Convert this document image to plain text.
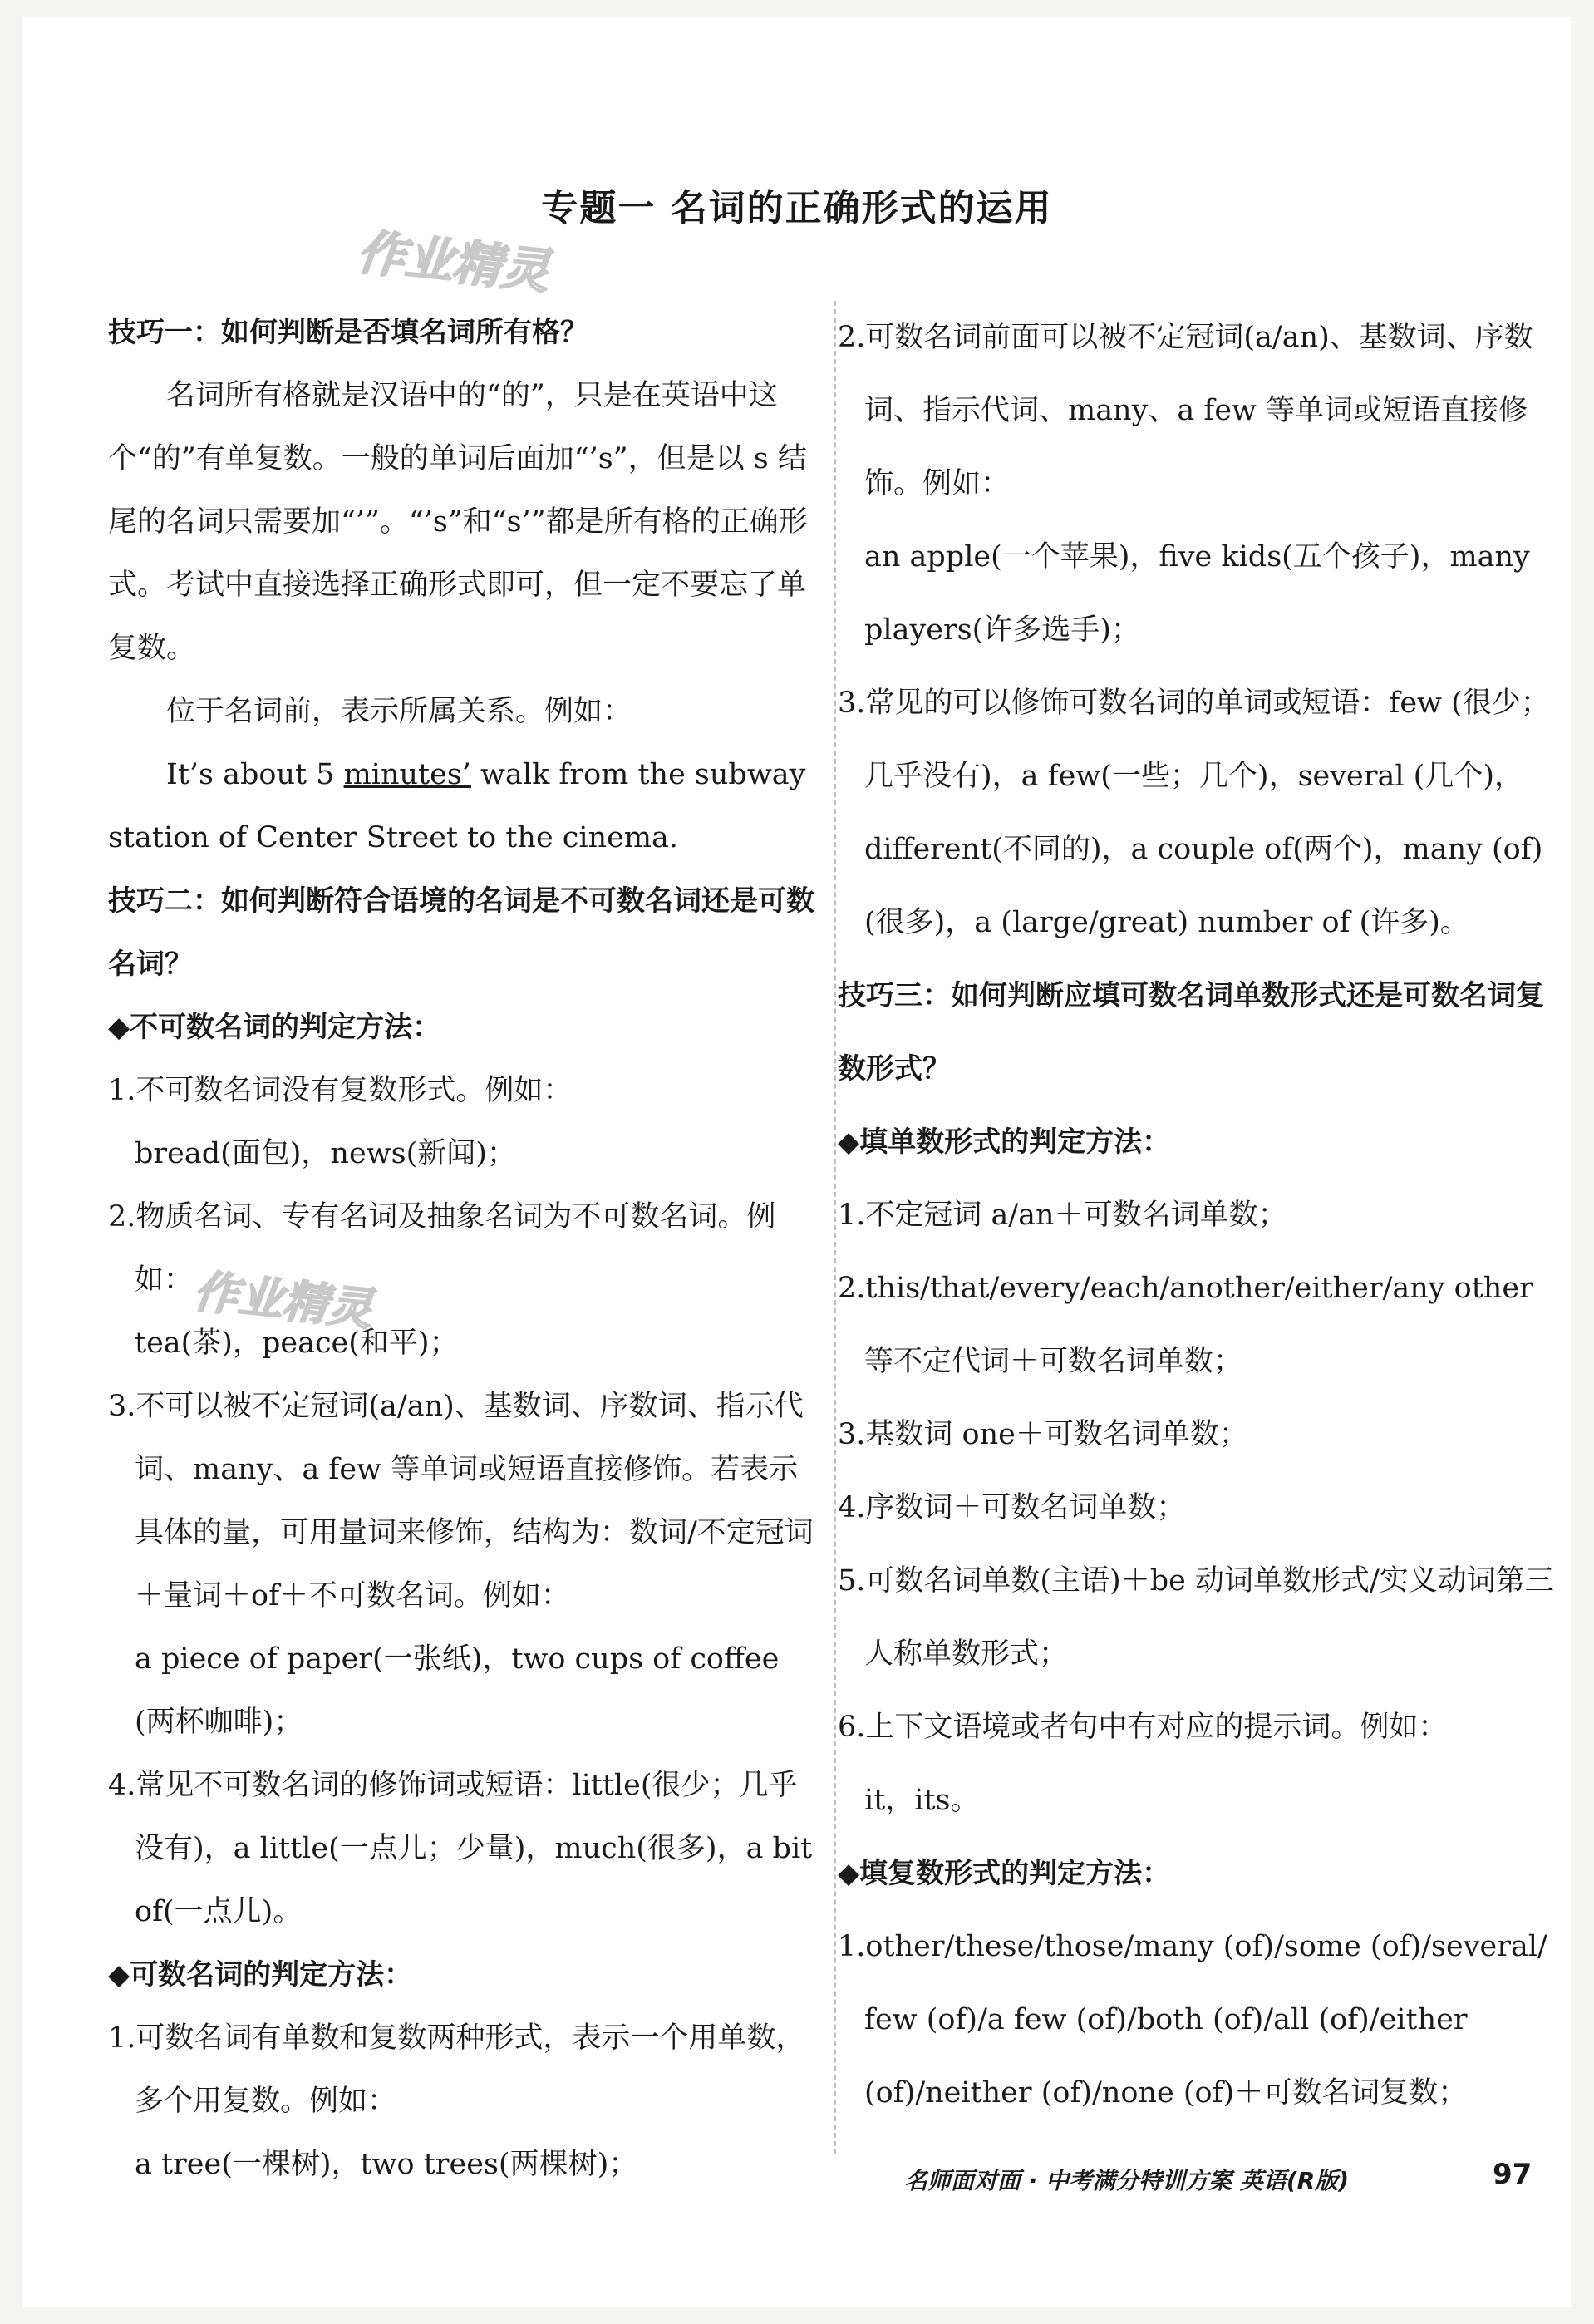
专题一 名词的正确形式的运用
作业精灵
作业精灵

技巧一：如何判断是否填名词所有格？

名词所有格就是汉语中的“的”，只是在英语中这个“的”有单复数。一般的单词后面加“’s”，但是以 s 结尾的名词只需要加“’”。“’s”和“s’”都是所有格的正确形式。考试中直接选择正确形式即可，但一定不要忘了单复数。

位于名词前，表示所属关系。例如：

It’s about 5 minutes’ walk from the subway station of Center Street to the cinema.

技巧二：如何判断符合语境的名词是不可数名词还是可数名词？

◆不可数名词的判定方法：

1.不可数名词没有复数形式。例如：

bread(面包)，news(新闻)；

2.物质名词、专有名词及抽象名词为不可数名词。例如：

tea(茶)，peace(和平)；

3.不可以被不定冠词(a/an)、基数词、序数词、指示代词、many、a few 等单词或短语直接修饰。若表示具体的量，可用量词来修饰，结构为：数词/不定冠词＋量词＋of＋不可数名词。例如：

a piece of paper(一张纸)，two cups of coffee (两杯咖啡)；

4.常见不可数名词的修饰词或短语：little(很少；几乎没有)，a little(一点儿；少量)，much(很多)，a bit of(一点儿)。

◆可数名词的判定方法：

1.可数名词有单数和复数两种形式，表示一个用单数，多个用复数。例如：

a tree(一棵树)，two trees(两棵树)；

2.可数名词前面可以被不定冠词(a/an)、基数词、序数词、指示代词、many、a few 等单词或短语直接修饰。例如：

an apple(一个苹果)，five kids(五个孩子)，many players(许多选手)；

3.常见的可以修饰可数名词的单词或短语：few (很少；几乎没有)，a few(一些；几个)，several (几个)，different(不同的)，a couple of(两个)，many (of)(很多)，a (large/great) number of (许多)。

技巧三：如何判断应填可数名词单数形式还是可数名词复数形式？

◆填单数形式的判定方法：

1.不定冠词 a/an＋可数名词单数；

2.this/that/every/each/another/either/any other 等不定代词＋可数名词单数；

3.基数词 one＋可数名词单数；

4.序数词＋可数名词单数；

5.可数名词单数(主语)＋be 动词单数形式/实义动词第三人称单数形式；

6.上下文语境或者句中有对应的提示词。例如：

it，its。

◆填复数形式的判定方法：

1.other/these/those/many (of)/some (of)/several/ few (of)/a few (of)/both (of)/all (of)/either (of)/neither (of)/none (of)＋可数名词复数；

名师面对面 · 中考满分特训方案 英语(R版)	97
